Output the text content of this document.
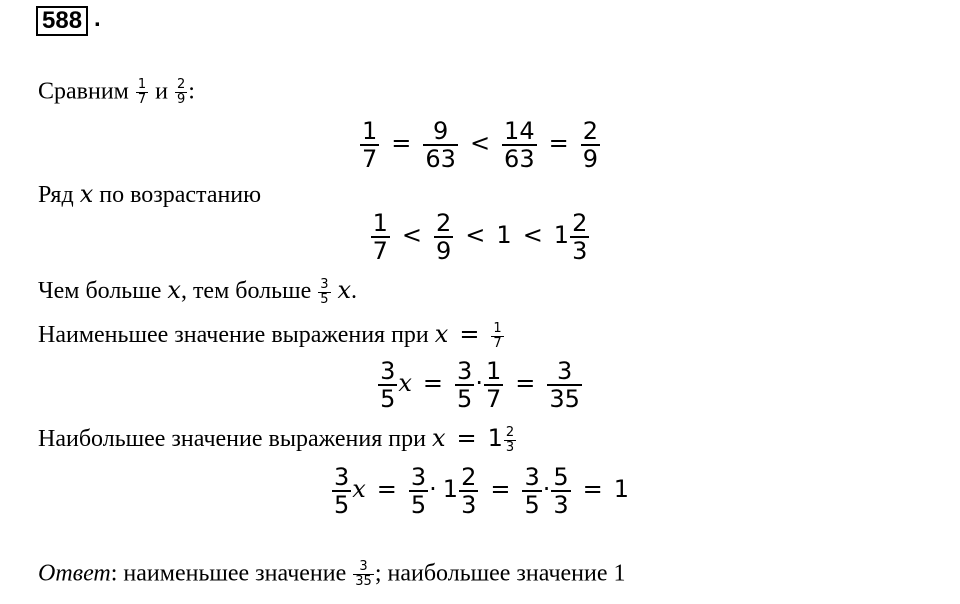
588 .
Сравним $\frac{1}{7}$ и $\frac{2}{9}$ :
$\frac{1}{7} = \frac{9}{63} < \frac{14}{63} = \frac{2}{9}$
Ряд x по возрастанию
$\frac{1}{7} < \frac{2}{9} < 1 < 1 \frac{2}{3}$
Чем больше x, тем больше $\frac{3}{5} x$.
Наименьшее значение выражения при $x = \frac{1}{7}$
$\frac{3}{5}$ $x = \frac{3}{5} \cdot \frac{1}{7} = \frac{3}{35}$
Наибольшее значение выражения при $x = 1 \frac{2}{3}$
$\frac{3}{5}$ $x = \frac{3}{5} \cdot 1 \frac{2}{3} = \frac{3}{5} \cdot \frac{5}{3} = 1$
Ответ: наименьшее значение $\frac{3}{35}$ ; наибольшее значение 1
